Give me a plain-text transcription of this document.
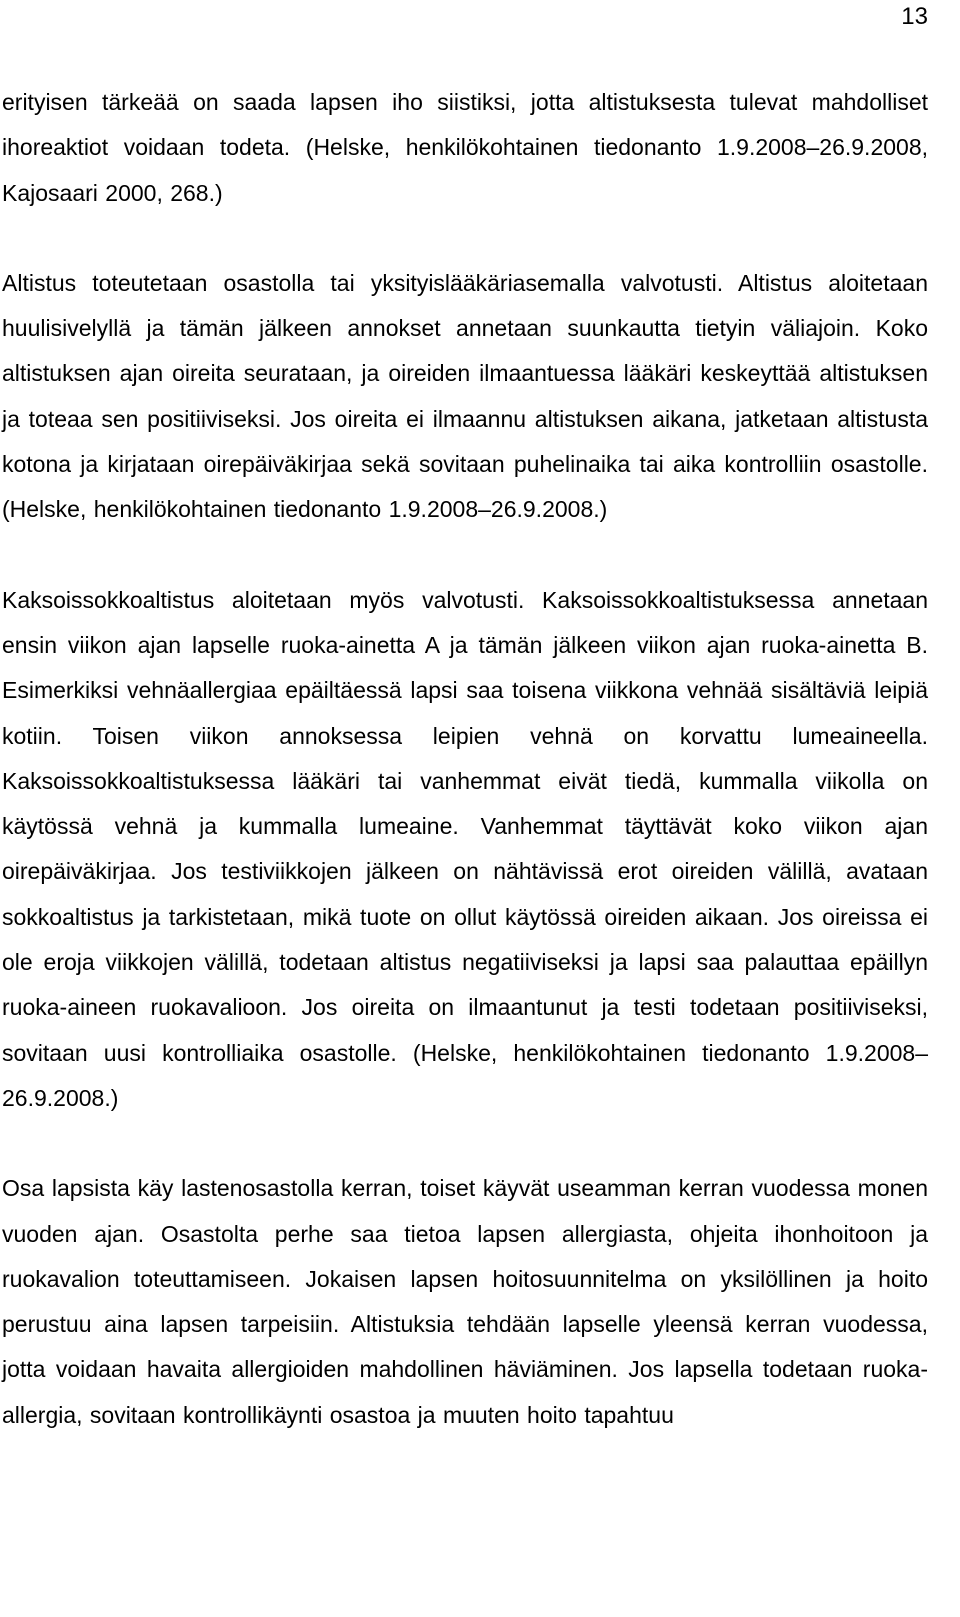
13

erityisen tärkeää on saada lapsen iho siistiksi, jotta altistuksesta tulevat mahdolliset ihoreaktiot voidaan todeta. (Helske, henkilökohtainen tiedonanto 1.9.2008–26.9.2008, Kajosaari 2000, 268.)

Altistus toteutetaan osastolla tai yksityislääkäriasemalla valvotusti. Altistus aloitetaan huulisivelyllä ja tämän jälkeen annokset annetaan suunkautta tietyin väliajoin. Koko altistuksen ajan oireita seurataan, ja oireiden ilmaantuessa lääkäri keskeyttää altistuksen ja toteaa sen positiiviseksi. Jos oireita ei ilmaannu altistuksen aikana, jatketaan altistusta kotona ja kirjataan oirepäiväkirjaa sekä sovitaan puhelinaika tai aika kontrolliin osastolle. (Helske, henkilökohtainen tiedonanto 1.9.2008–26.9.2008.)

Kaksoissokkoaltistus aloitetaan myös valvotusti. Kaksoissokkoaltistuksessa annetaan ensin viikon ajan lapselle ruoka-ainetta A ja tämän jälkeen viikon ajan ruoka-ainetta B. Esimerkiksi vehnäallergiaa epäiltäessä lapsi saa toisena viikkona vehnää sisältäviä leipiä kotiin. Toisen viikon annoksessa leipien vehnä on korvattu lumeaineella. Kaksoissokkoaltistuksessa lääkäri tai vanhemmat eivät tiedä, kummalla viikolla on käytössä vehnä ja kummalla lumeaine. Vanhemmat täyttävät koko viikon ajan oirepäiväkirjaa. Jos testiviikkojen jälkeen on nähtävissä erot oireiden välillä, avataan sokkoaltistus ja tarkistetaan, mikä tuote on ollut käytössä oireiden aikaan. Jos oireissa ei ole eroja viikkojen välillä, todetaan altistus negatiiviseksi ja lapsi saa palauttaa epäillyn ruoka-aineen ruokavalioon. Jos oireita on ilmaantunut ja testi todetaan positiiviseksi, sovitaan uusi kontrolliaika osastolle. (Helske, henkilökohtainen tiedonanto 1.9.2008–26.9.2008.)

Osa lapsista käy lastenosastolla kerran, toiset käyvät useamman kerran vuodessa monen vuoden ajan. Osastolta perhe saa tietoa lapsen allergiasta, ohjeita ihonhoitoon ja ruokavalion toteuttamiseen. Jokaisen lapsen hoitosuunnitelma on yksilöllinen ja hoito perustuu aina lapsen tarpeisiin. Altistuksia tehdään lapselle yleensä kerran vuodessa, jotta voidaan havaita allergioiden mahdollinen häviäminen. Jos lapsella todetaan ruoka-allergia, sovitaan kontrollikäynti osastoa ja muuten hoito tapahtuu
